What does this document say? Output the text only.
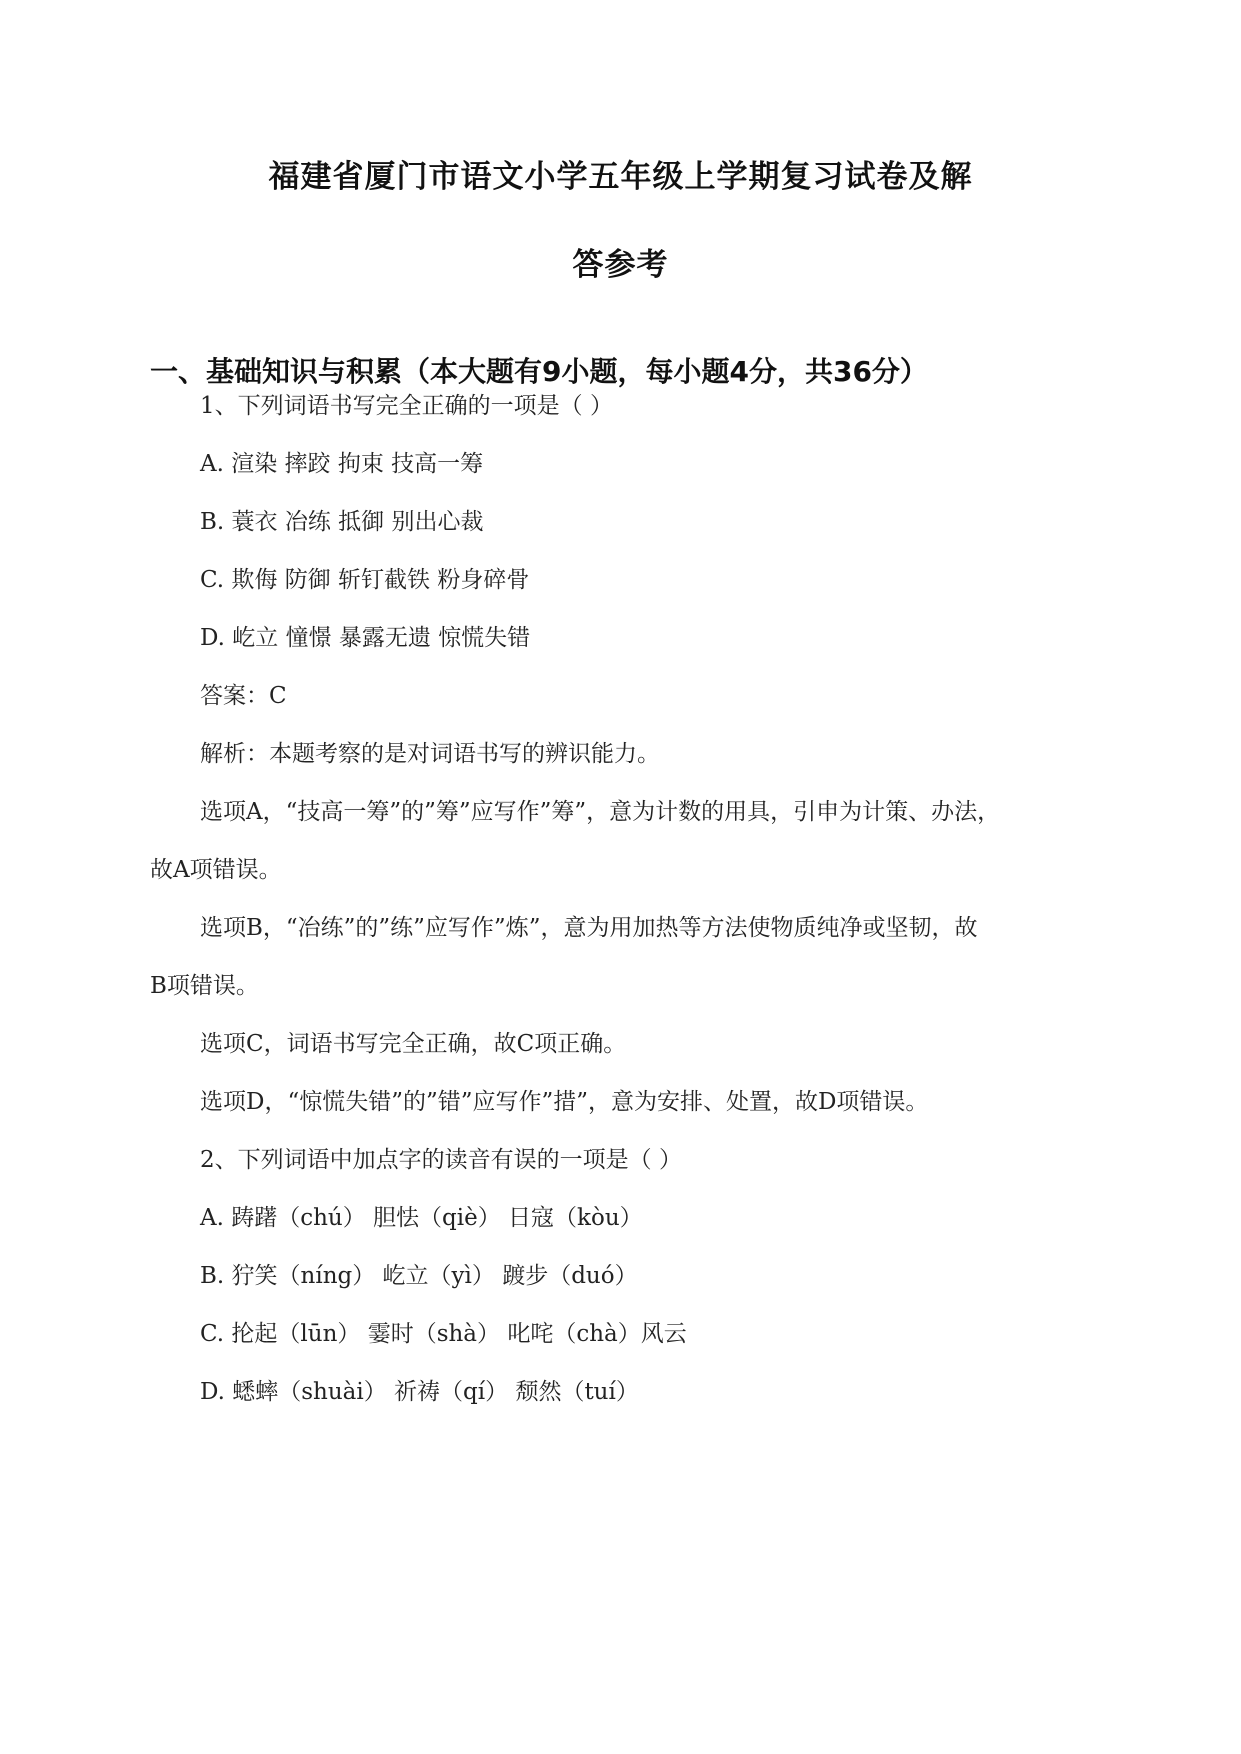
福建省厦门市语文小学五年级上学期复习试卷及解
答参考
一、基础知识与积累（本大题有9小题，每小题4分，共36分）
1、下列词语书写完全正确的一项是（ ）
A. 渲染 摔跤 拘束 技高一筹
B. 蓑衣 冶练 抵御 别出心裁
C. 欺侮 防御 斩钉截铁 粉身碎骨
D. 屹立 憧憬 暴露无遗 惊慌失错
答案：C
解析：本题考察的是对词语书写的辨识能力。
选项A，“技高一筹”的”筹”应写作”筹”，意为计数的用具，引申为计策、办法，
故A项错误。
选项B，“冶练”的”练”应写作”炼”，意为用加热等方法使物质纯净或坚韧，故
B项错误。
选项C，词语书写完全正确，故C项正确。
选项D，“惊慌失错”的”错”应写作”措”，意为安排、处置，故D项错误。
2、下列词语中加点字的读音有误的一项是（ ）
A. 踌躇（chú） 胆怯（qiè） 日寇（kòu）
B. 狞笑（níng） 屹立（yì） 踱步（duó）
C. 抡起（lūn） 霎时（shà） 叱咤（chà）风云
D. 蟋蟀（shuài） 祈祷（qí） 颓然（tuí）
